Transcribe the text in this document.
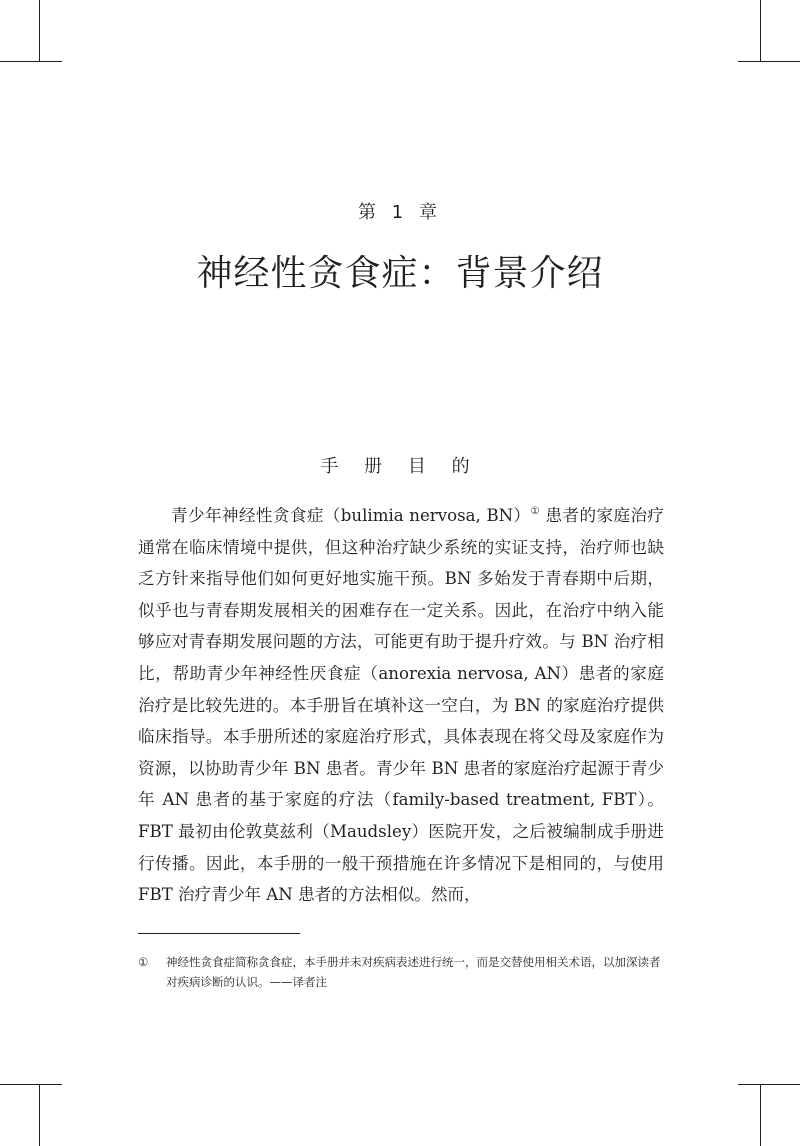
第 1 章
神经性贪食症：背景介绍
手 册 目 的

青少年神经性贪食症（bulimia nervosa, BN）① 患者的家庭治疗通常在临床情境中提供，但这种治疗缺少系统的实证支持，治疗师也缺乏方针来指导他们如何更好地实施干预。BN 多始发于青春期中后期，似乎也与青春期发展相关的困难存在一定关系。因此，在治疗中纳入能够应对青春期发展问题的方法，可能更有助于提升疗效。与 BN 治疗相比，帮助青少年神经性厌食症（anorexia nervosa, AN）患者的家庭治疗是比较先进的。本手册旨在填补这一空白，为 BN 的家庭治疗提供临床指导。本手册所述的家庭治疗形式，具体表现在将父母及家庭作为资源，以协助青少年 BN 患者。青少年 BN 患者的家庭治疗起源于青少年 AN 患者的基于家庭的疗法（family-based treatment, FBT）。FBT 最初由伦敦莫兹利（Maudsley）医院开发，之后被编制成手册进行传播。因此，本手册的一般干预措施在许多情况下是相同的，与使用 FBT 治疗青少年 AN 患者的方法相似。然而，

① 神经性贪食症简称贪食症，本手册并未对疾病表述进行统一，而是交替使用相关术语，以加深读者对疾病诊断的认识。——译者注
